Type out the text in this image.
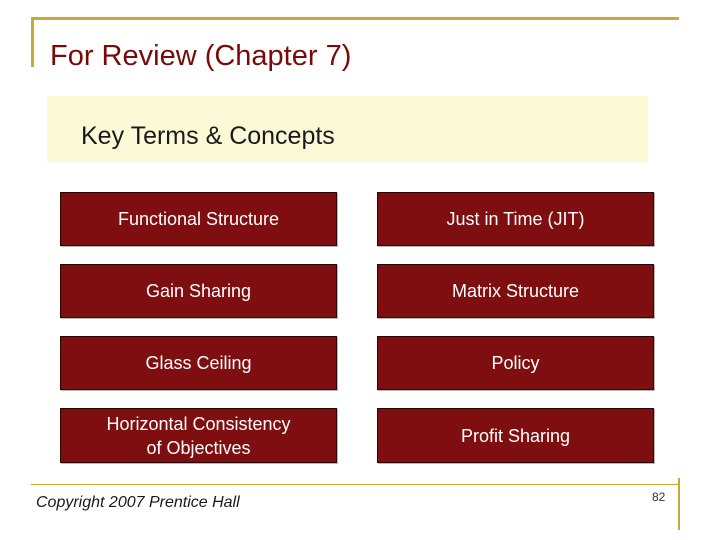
For Review (Chapter 7)
Key Terms & Concepts
Functional Structure	Just in Time (JIT)
Gain Sharing	Matrix Structure
Glass Ceiling	Policy
Horizontal Consistency
of Objectives
Profit Sharing
Copyright 2007 Prentice Hall	82
